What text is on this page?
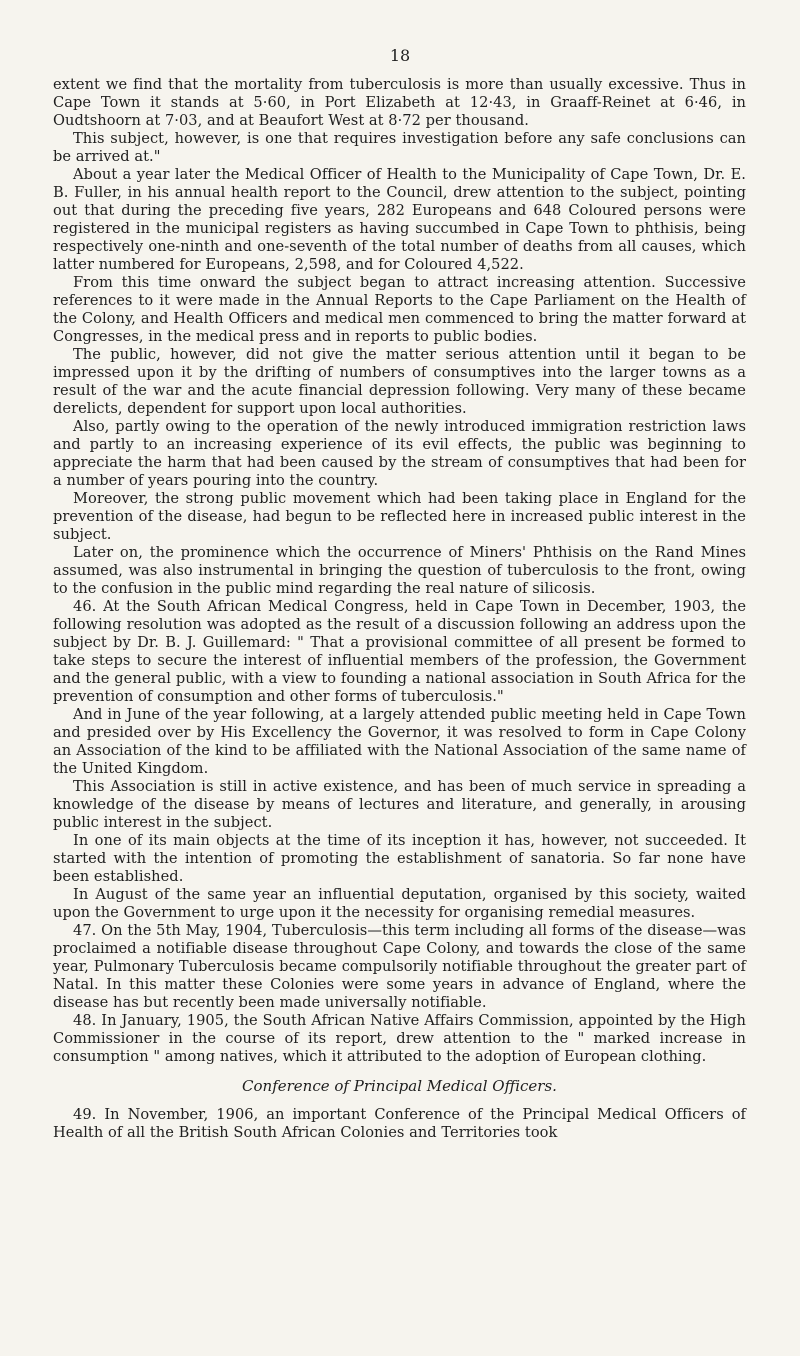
18

extent we find that the mortality from tuberculosis is more than usually excessive. Thus in Cape Town it stands at 5·60, in Port Elizabeth at 12·43, in Graaff-Reinet at 6·46, in Oudtshoorn at 7·03, and at Beaufort West at 8·72 per thousand.

This subject, however, is one that requires investigation before any safe conclusions can be arrived at."

About a year later the Medical Officer of Health to the Municipality of Cape Town, Dr. E. B. Fuller, in his annual health report to the Council, drew attention to the subject, pointing out that during the preceding five years, 282 Europeans and 648 Coloured persons were registered in the municipal registers as having succumbed in Cape Town to phthisis, being respectively one-ninth and one-seventh of the total number of deaths from all causes, which latter numbered for Europeans, 2,598, and for Coloured 4,522.

From this time onward the subject began to attract increasing attention. Successive references to it were made in the Annual Reports to the Cape Parliament on the Health of the Colony, and Health Officers and medical men commenced to bring the matter forward at Congresses, in the medical press and in reports to public bodies.

The public, however, did not give the matter serious attention until it began to be impressed upon it by the drifting of numbers of consumptives into the larger towns as a result of the war and the acute financial depression following. Very many of these became derelicts, dependent for support upon local authorities.

Also, partly owing to the operation of the newly introduced immigration restriction laws and partly to an increasing experience of its evil effects, the public was beginning to appreciate the harm that had been caused by the stream of consumptives that had been for a number of years pouring into the country.

Moreover, the strong public movement which had been taking place in England for the prevention of the disease, had begun to be reflected here in increased public interest in the subject.

Later on, the prominence which the occurrence of Miners' Phthisis on the Rand Mines assumed, was also instrumental in bringing the question of tuberculosis to the front, owing to the confusion in the public mind regarding the real nature of silicosis.

46. At the South African Medical Congress, held in Cape Town in December, 1903, the following resolution was adopted as the result of a discussion following an address upon the subject by Dr. B. J. Guillemard: " That a provisional committee of all present be formed to take steps to secure the interest of influential members of the profession, the Government and the general public, with a view to founding a national association in South Africa for the prevention of consumption and other forms of tuberculosis."

And in June of the year following, at a largely attended public meeting held in Cape Town and presided over by His Excellency the Governor, it was resolved to form in Cape Colony an Association of the kind to be affiliated with the National Association of the same name of the United Kingdom.

This Association is still in active existence, and has been of much service in spreading a knowledge of the disease by means of lectures and literature, and generally, in arousing public interest in the subject.

In one of its main objects at the time of its inception it has, however, not succeeded. It started with the intention of promoting the establishment of sanatoria. So far none have been established.

In August of the same year an influential deputation, organised by this society, waited upon the Government to urge upon it the necessity for organising remedial measures.

47. On the 5th May, 1904, Tuberculosis—this term including all forms of the disease—was proclaimed a notifiable disease throughout Cape Colony, and towards the close of the same year, Pulmonary Tuberculosis became compulsorily notifiable throughout the greater part of Natal. In this matter these Colonies were some years in advance of England, where the disease has but recently been made universally notifiable.

48. In January, 1905, the South African Native Affairs Commission, appointed by the High Commissioner in the course of its report, drew attention to the " marked increase in consumption " among natives, which it attributed to the adoption of European clothing.

Conference of Principal Medical Officers.

49. In November, 1906, an important Conference of the Principal Medical Officers of Health of all the British South African Colonies and Territories took
